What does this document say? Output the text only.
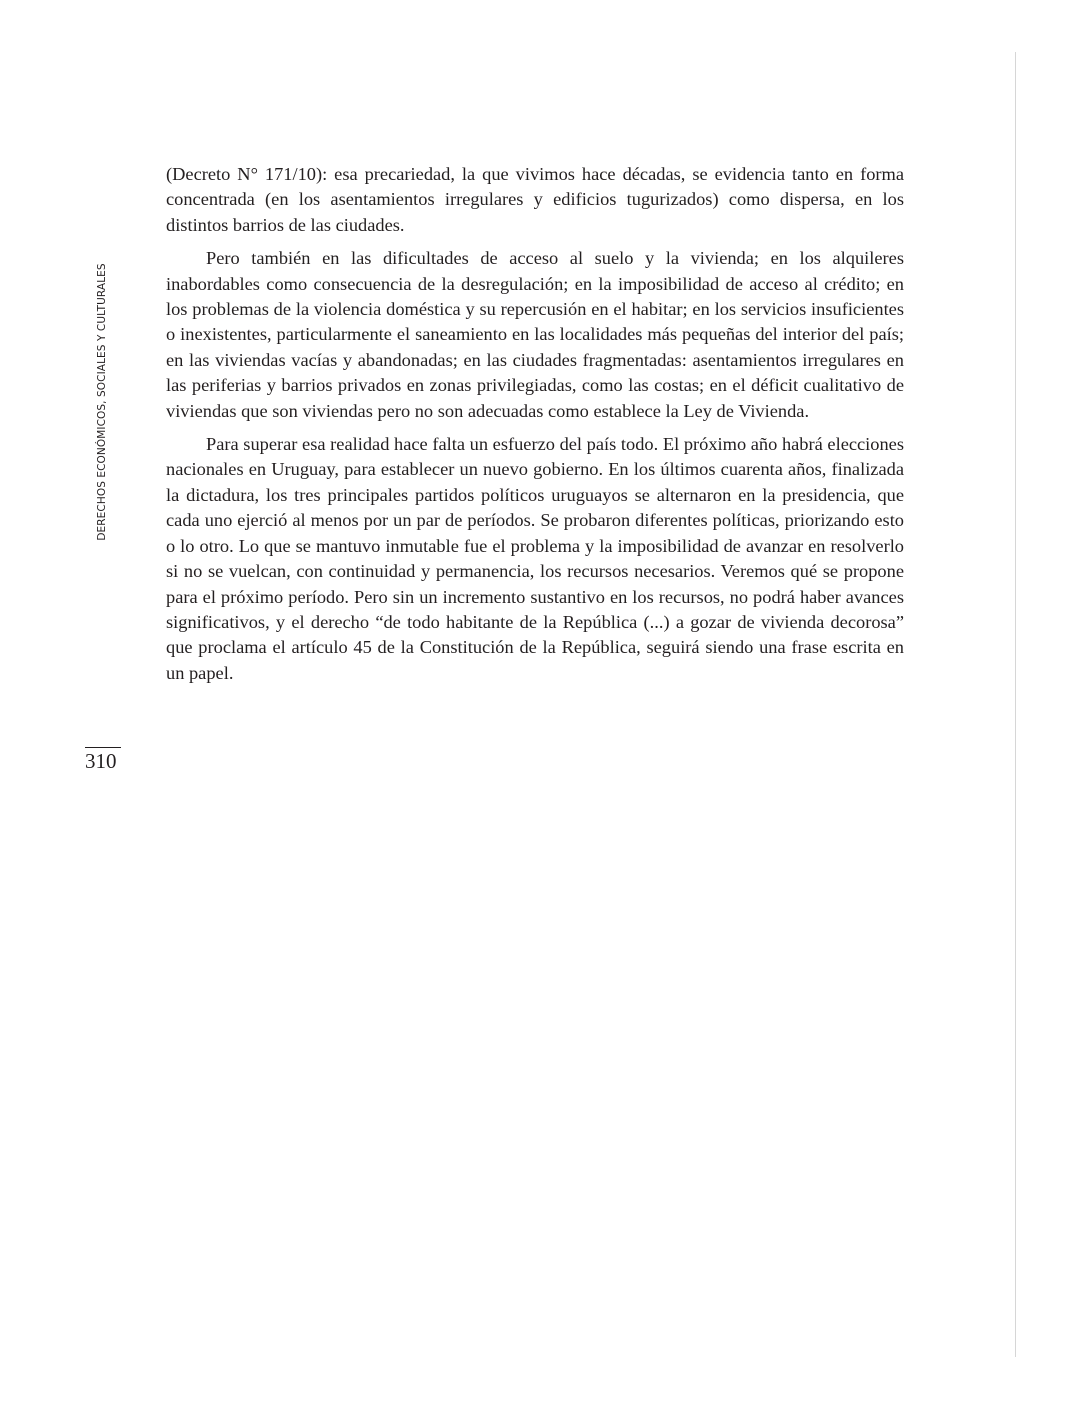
DERECHOS ECONÓMICOS, SOCIALES Y CULTURALES
310

(Decreto N° 171/10): esa precariedad, la que vivimos hace décadas, se evidencia tanto en forma concentrada (en los asentamientos irregulares y edificios tugurizados) como dispersa, en los distintos barrios de las ciudades.

Pero también en las dificultades de acceso al suelo y la vivienda; en los alquileres inabordables como consecuencia de la desregulación; en la imposibilidad de acceso al crédito; en los problemas de la violencia doméstica y su repercusión en el habitar; en los servicios insuficientes o inexistentes, particularmente el saneamiento en las localidades más pequeñas del interior del país; en las viviendas vacías y abandonadas; en las ciudades fragmentadas: asentamientos irregulares en las periferias y barrios privados en zonas privilegiadas, como las costas; en el déficit cualitativo de viviendas que son viviendas pero no son adecuadas como establece la Ley de Vivienda.

Para superar esa realidad hace falta un esfuerzo del país todo. El próximo año habrá elecciones nacionales en Uruguay, para establecer un nuevo gobierno. En los últimos cuarenta años, finalizada la dictadura, los tres principales partidos políticos uruguayos se alternaron en la presidencia, que cada uno ejerció al menos por un par de períodos. Se probaron diferentes políticas, priorizando esto o lo otro. Lo que se mantuvo inmutable fue el problema y la imposibilidad de avanzar en resolverlo si no se vuelcan, con continuidad y permanencia, los recursos necesarios. Veremos qué se propone para el próximo período. Pero sin un incremento sustantivo en los recursos, no podrá haber avances significativos, y el derecho “de todo habitante de la República (...) a gozar de vivienda decorosa” que proclama el artículo 45 de la Constitución de la República, seguirá siendo una frase escrita en un papel.
